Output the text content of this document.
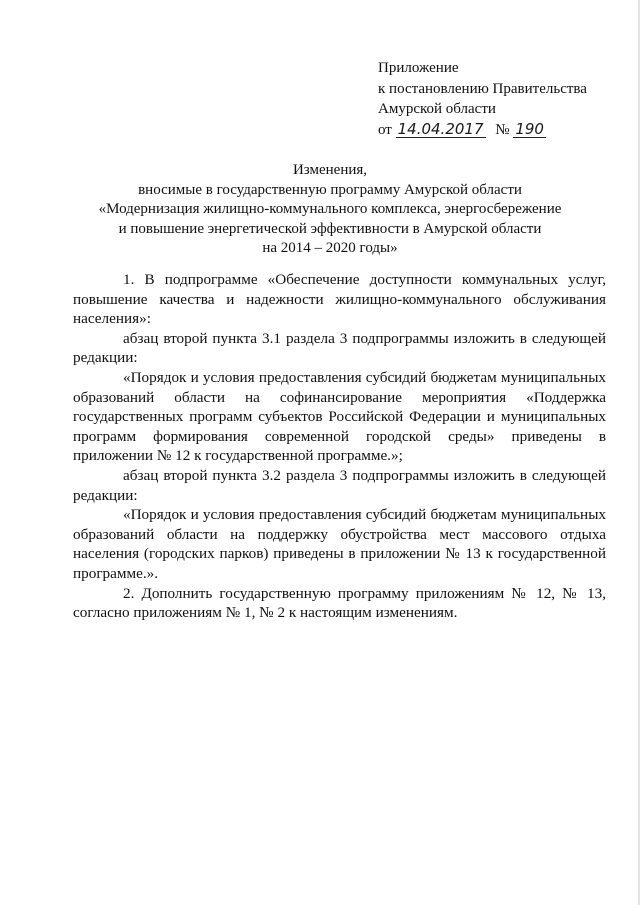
Приложение
к постановлению Правительства
Амурской области
от 14.04.2017 № 190
Изменения,
вносимые в государственную программу Амурской области
«Модернизация жилищно-коммунального комплекса, энергосбережение
и повышение энергетической эффективности в Амурской области
на 2014 – 2020 годы»

1. В подпрограмме «Обеспечение доступности коммунальных услуг, повышение качества и надежности жилищно-коммунального обслуживания населения»:

абзац второй пункта 3.1 раздела 3 подпрограммы изложить в следующей редакции:

«Порядок и условия предоставления субсидий бюджетам муниципальных образований области на софинансирование мероприятия «Поддержка государственных программ субъектов Российской Федерации и муниципальных программ формирования современной городской среды» приведены в приложении № 12 к государственной программе.»;

абзац второй пункта 3.2 раздела 3 подпрограммы изложить в следующей редакции:

«Порядок и условия предоставления субсидий бюджетам муниципальных образований области на поддержку обустройства мест массового отдыха населения (городских парков) приведены в приложении № 13 к государственной программе.».

2. Дополнить государственную программу приложениям № 12, № 13, согласно приложениям № 1, № 2 к настоящим изменениям.
